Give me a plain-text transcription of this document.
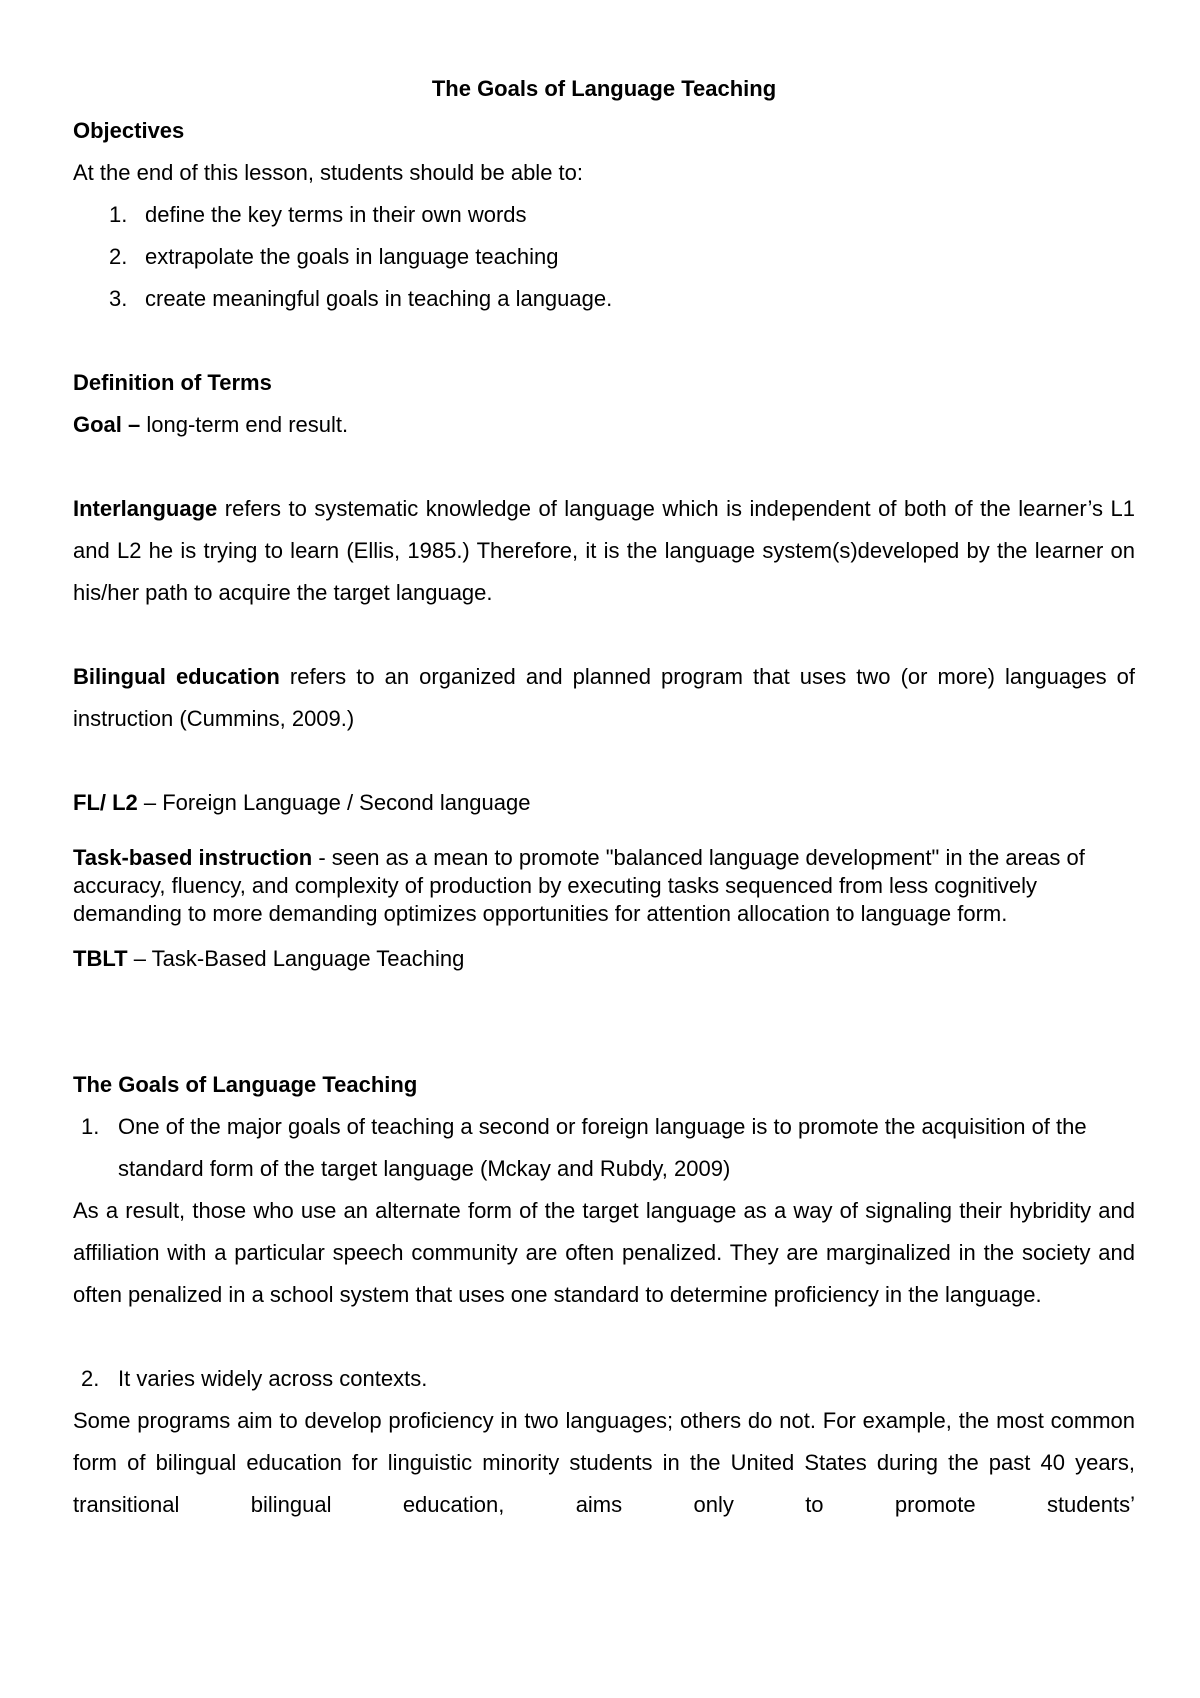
The Goals of Language Teaching

Objectives

At the end of this lesson, students should be able to:

1. define the key terms in their own words
2. extrapolate the goals in language teaching
3. create meaningful goals in teaching a language.

Definition of Terms

Goal – long-term end result.

Interlanguage refers to systematic knowledge of language which is independent of both of the learner’s L1 and L2 he is trying to learn (Ellis, 1985.) Therefore, it is the language system(s)developed by the learner on his/her path to acquire the target language.

Bilingual education refers to an organized and planned program that uses two (or more) languages of instruction (Cummins, 2009.)

FL/ L2 – Foreign Language / Second language

Task-based instruction - seen as a mean to promote "balanced language development" in the areas of accuracy, fluency, and complexity of production by executing tasks sequenced from less cognitively demanding to more demanding optimizes opportunities for attention allocation to language form.

TBLT – Task-Based Language Teaching

The Goals of Language Teaching

1. One of the major goals of teaching a second or foreign language is to promote the acquisition of the standard form of the target language (Mckay and Rubdy, 2009)

As a result, those who use an alternate form of the target language as a way of signaling their hybridity and affiliation with a particular speech community are often penalized. They are marginalized in the society and often penalized in a school system that uses one standard to determine proficiency in the language.

2. It varies widely across contexts.

Some programs aim to develop proficiency in two languages; others do not. For example, the most common form of bilingual education for linguistic minority students in the United States during the past 40 years, transitional bilingual education, aims only to promote students’
